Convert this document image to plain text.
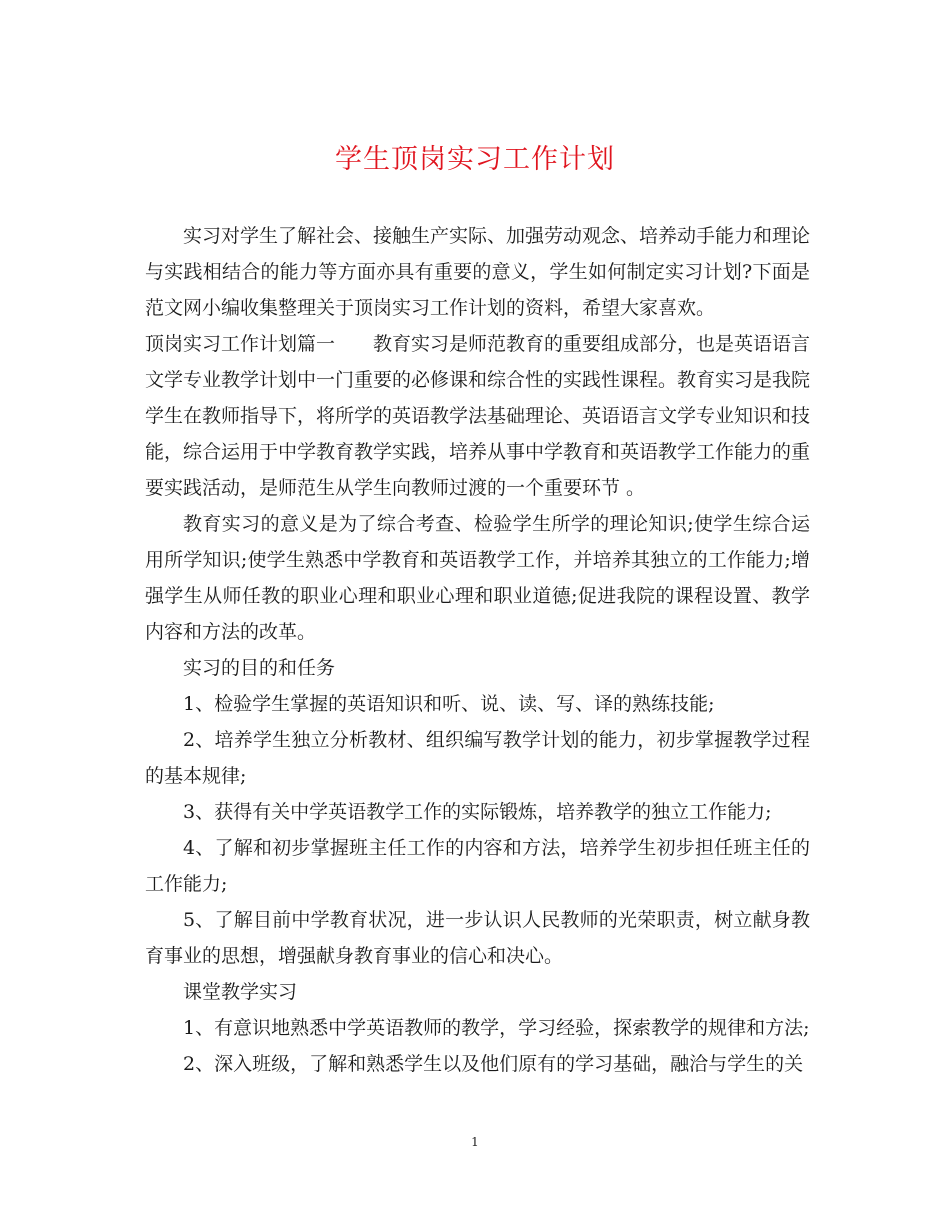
学生顶岗实习工作计划

实习对学生了解社会、接触生产实际、加强劳动观念、培养动手能力和理论与实践相结合的能力等方面亦具有重要的意义，学生如何制定实习计划?下面是范文网小编收集整理关于顶岗实习工作计划的资料，希望大家喜欢。

顶岗实习工作计划篇一　　教育实习是师范教育的重要组成部分，也是英语语言文学专业教学计划中一门重要的必修课和综合性的实践性课程。教育实习是我院学生在教师指导下，将所学的英语教学法基础理论、英语语言文学专业知识和技能，综合运用于中学教育教学实践，培养从事中学教育和英语教学工作能力的重要实践活动，是师范生从学生向教师过渡的一个重要环节 。

教育实习的意义是为了综合考查、检验学生所学的理论知识;使学生综合运用所学知识;使学生熟悉中学教育和英语教学工作，并培养其独立的工作能力;增强学生从师任教的职业心理和职业心理和职业道德;促进我院的课程设置、教学内容和方法的改革。

实习的目的和任务

1、检验学生掌握的英语知识和听、说、读、写、译的熟练技能;

2、培养学生独立分析教材、组织编写教学计划的能力，初步掌握教学过程的基本规律;

3、获得有关中学英语教学工作的实际锻炼，培养教学的独立工作能力;

4、了解和初步掌握班主任工作的内容和方法，培养学生初步担任班主任的工作能力;

5、了解目前中学教育状况，进一步认识人民教师的光荣职责，树立献身教育事业的思想，增强献身教育事业的信心和决心。

课堂教学实习

1、有意识地熟悉中学英语教师的教学，学习经验，探索教学的规律和方法;

2、深入班级，了解和熟悉学生以及他们原有的学习基础，融洽与学生的关

1
